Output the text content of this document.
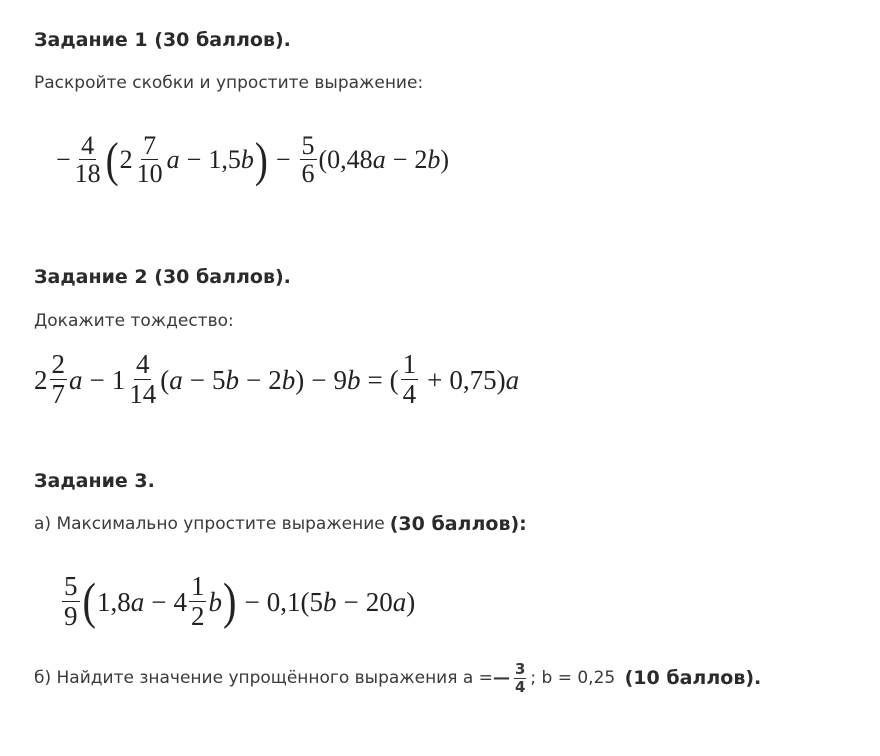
Задание 1 (30 баллов).
Раскройте скобки и упростите выражение:
− $\frac{4}{18}$ ( $2 \frac{7}{10}$ a − 1,5 b ) − $\frac{5}{6} (0,48$ a − 2 b )
Задание 2 (30 баллов).
Докажите тождество:
$2 \frac{2}{7}$ $a - 1 \frac{4}{14}$ ( a − 5 b − 2 b ) − 9 b = ( $\frac{1}{4} + 0,75$ ) a
Задание 3.
а) Максимально упростите выражение (30 баллов):
$\frac{5}{9}$ ( 1,8 $a - 4 \frac{1}{2}$ b ) − 0,1(5 b − 20 a )
б) Найдите значение упрощённого выражения а = — $\frac{3}{4}$ ; b = 0,25 (10 баллов).
